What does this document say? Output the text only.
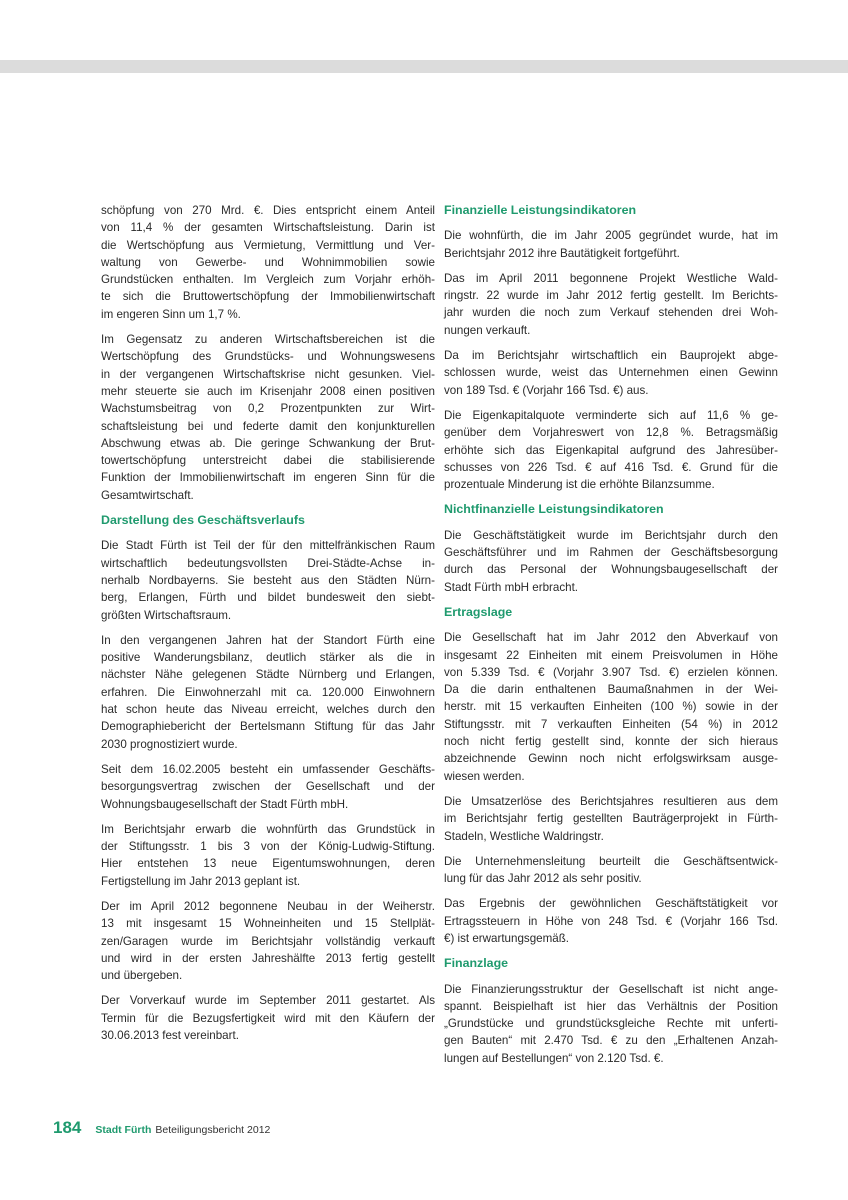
schöpfung von 270 Mrd. €. Dies entspricht einem Anteil
von 11,4 % der gesamten Wirtschaftsleistung. Darin ist
die Wertschöpfung aus Vermietung, Vermittlung und Ver-
waltung von Gewerbe- und Wohnimmobilien sowie
Grundstücken enthalten. Im Vergleich zum Vorjahr erhöh-
te sich die Bruttowertschöpfung der Immobilienwirtschaft
im engeren Sinn um 1,7 %.
Im Gegensatz zu anderen Wirtschaftsbereichen ist die
Wertschöpfung des Grundstücks- und Wohnungswesens
in der vergangenen Wirtschaftskrise nicht gesunken. Viel-
mehr steuerte sie auch im Krisenjahr 2008 einen positiven
Wachstumsbeitrag von 0,2 Prozentpunkten zur Wirt-
schaftsleistung bei und federte damit den konjunkturellen
Abschwung etwas ab. Die geringe Schwankung der Brut-
towertschöpfung unterstreicht dabei die stabilisierende
Funktion der Immobilienwirtschaft im engeren Sinn für die
Gesamtwirtschaft.
Darstellung des Geschäftsverlaufs
Die Stadt Fürth ist Teil der für den mittelfränkischen Raum
wirtschaftlich bedeutungsvollsten Drei-Städte-Achse in-
nerhalb Nordbayerns. Sie besteht aus den Städten Nürn-
berg, Erlangen, Fürth und bildet bundesweit den siebt-
größten Wirtschaftsraum.
In den vergangenen Jahren hat der Standort Fürth eine
positive Wanderungsbilanz, deutlich stärker als die in
nächster Nähe gelegenen Städte Nürnberg und Erlangen,
erfahren. Die Einwohnerzahl mit ca. 120.000 Einwohnern
hat schon heute das Niveau erreicht, welches durch den
Demographiebericht der Bertelsmann Stiftung für das Jahr
2030 prognostiziert wurde.
Seit dem 16.02.2005 besteht ein umfassender Geschäfts-
besorgungsvertrag zwischen der Gesellschaft und der
Wohnungsbaugesellschaft der Stadt Fürth mbH.
Im Berichtsjahr erwarb die wohnfürth das Grundstück in
der Stiftungsstr. 1 bis 3 von der König-Ludwig-Stiftung.
Hier entstehen 13 neue Eigentumswohnungen, deren
Fertigstellung im Jahr 2013 geplant ist.
Der im April 2012 begonnene Neubau in der Weiherstr.
13 mit insgesamt 15 Wohneinheiten und 15 Stellplät-
zen/Garagen wurde im Berichtsjahr vollständig verkauft
und wird in der ersten Jahreshälfte 2013 fertig gestellt
und übergeben.
Der Vorverkauf wurde im September 2011 gestartet. Als
Termin für die Bezugsfertigkeit wird mit den Käufern der
30.06.2013 fest vereinbart.
Finanzielle Leistungsindikatoren
Die wohnfürth, die im Jahr 2005 gegründet wurde, hat im
Berichtsjahr 2012 ihre Bautätigkeit fortgeführt.
Das im April 2011 begonnene Projekt Westliche Wald-
ringstr. 22 wurde im Jahr 2012 fertig gestellt. Im Berichts-
jahr wurden die noch zum Verkauf stehenden drei Woh-
nungen verkauft.
Da im Berichtsjahr wirtschaftlich ein Bauprojekt abge-
schlossen wurde, weist das Unternehmen einen Gewinn
von 189 Tsd. € (Vorjahr 166 Tsd. €) aus.
Die Eigenkapitalquote verminderte sich auf 11,6 % ge-
genüber dem Vorjahreswert von 12,8 %. Betragsmäßig
erhöhte sich das Eigenkapital aufgrund des Jahresüber-
schusses von 226 Tsd. € auf 416 Tsd. €. Grund für die
prozentuale Minderung ist die erhöhte Bilanzsumme.
Nichtfinanzielle Leistungsindikatoren
Die Geschäftstätigkeit wurde im Berichtsjahr durch den
Geschäftsführer und im Rahmen der Geschäftsbesorgung
durch das Personal der Wohnungsbaugesellschaft der
Stadt Fürth mbH erbracht.
Ertragslage
Die Gesellschaft hat im Jahr 2012 den Abverkauf von
insgesamt 22 Einheiten mit einem Preisvolumen in Höhe
von 5.339 Tsd. € (Vorjahr 3.907 Tsd. €) erzielen können.
Da die darin enthaltenen Baumaßnahmen in der Wei-
herstr. mit 15 verkauften Einheiten (100 %) sowie in der
Stiftungsstr. mit 7 verkauften Einheiten (54 %) in 2012
noch nicht fertig gestellt sind, konnte der sich hieraus
abzeichnende Gewinn noch nicht erfolgswirksam ausge-
wiesen werden.
Die Umsatzerlöse des Berichtsjahres resultieren aus dem
im Berichtsjahr fertig gestellten Bauträgerprojekt in Fürth-
Stadeln, Westliche Waldringstr.
Die Unternehmensleitung beurteilt die Geschäftsentwick-
lung für das Jahr 2012 als sehr positiv.
Das Ergebnis der gewöhnlichen Geschäftstätigkeit vor
Ertragssteuern in Höhe von 248 Tsd. € (Vorjahr 166 Tsd.
€) ist erwartungsgemäß.
Finanzlage
Die Finanzierungsstruktur der Gesellschaft ist nicht ange-
spannt. Beispielhaft ist hier das Verhältnis der Position
„Grundstücke und grundstücksgleiche Rechte mit unferti-
gen Bauten“ mit 2.470 Tsd. € zu den „Erhaltenen Anzah-
lungen auf Bestellungen“ von 2.120 Tsd. €.
184 Stadt Fürth Beteiligungsbericht 2012
